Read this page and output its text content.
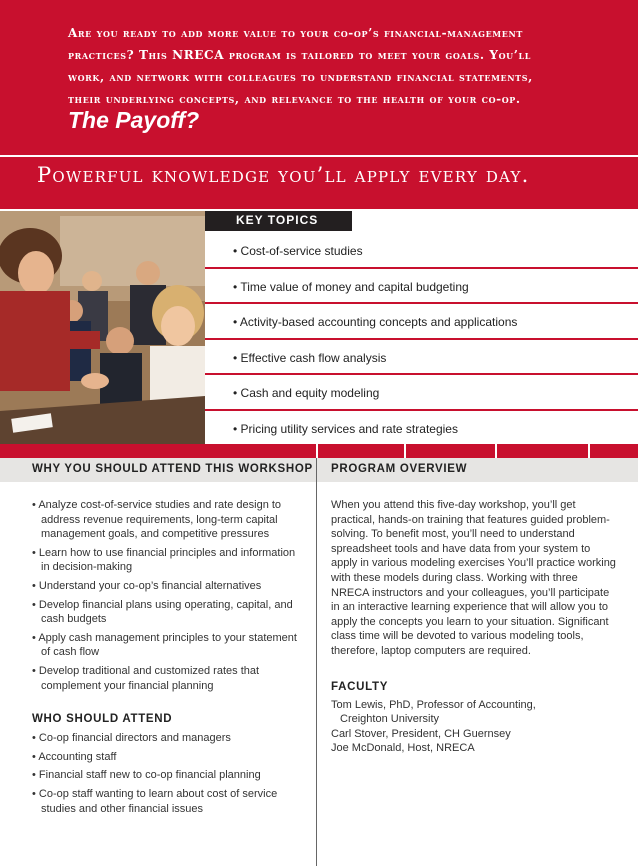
Are you ready to add more value to your co-op’s financial-management
practices? This NRECA program is tailored to meet your goals. You’ll
work, and network with colleagues to understand financial statements,
their underlying concepts, and relevance to the health of your co-op.
The Payoff?
Powerful knowledge you’ll apply every day.
KEY TOPICS
• Cost-of-service studies
• Time value of money and capital budgeting
• Activity-based accounting concepts and applications
• Effective cash flow analysis
• Cash and equity modeling
• Pricing utility services and rate strategies
WHY YOU SHOULD ATTEND THIS WORKSHOP PROGRAM OVERVIEW
• Analyze cost-of-service studies and rate design to address revenue requirements, long-term capital management goals, and competitive pressures
• Learn how to use financial principles and information in decision-making
• Understand your co-op’s financial alternatives
• Develop financial plans using operating, capital, and cash budgets
• Apply cash management principles to your statement of cash flow
• Develop traditional and customized rates that complement your financial planning
WHO SHOULD ATTEND
• Co-op financial directors and managers
• Accounting staff
• Financial staff new to co-op financial planning
• Co-op staff wanting to learn about cost of service studies and other financial issues
When you attend this five-day workshop, you’ll get practical, hands-on training that features guided problem-solving. To benefit most, you’ll need to understand spreadsheet tools and have data from your system to apply in various modeling exercises You’ll practice working with these models during class. Working with three NRECA instructors and your colleagues, you’ll participate in an interactive learning experience that will allow you to apply the concepts you learn to your situation. Significant class time will be devoted to various modeling tools, therefore, laptop computers are required.
FACULTY
Tom Lewis, PhD, Professor of Accounting,
Creighton University
Carl Stover, President, CH Guernsey
Joe McDonald, Host, NRECA
